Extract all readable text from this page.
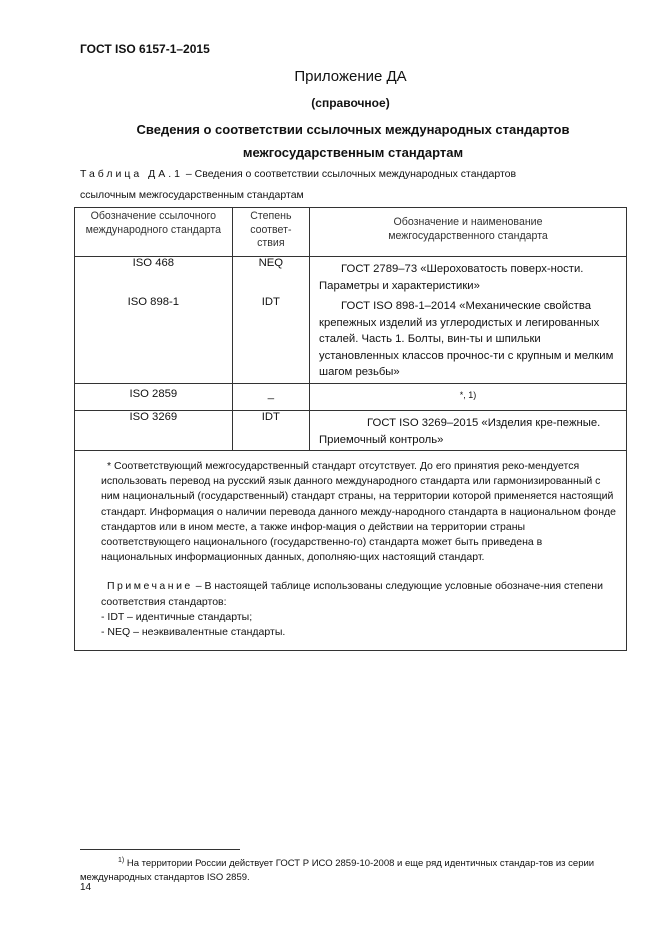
ГОСТ ISO 6157-1–2015
Приложение ДА
(справочное)
Сведения о соответствии ссылочных международных стандартов
межгосударственным стандартам
Таблица ДА.1 – Сведения о соответствии ссылочных международных стандартов
ссылочным межгосударственным стандартам
Обозначение ссылочного международного стандарта	Степень соответ-ствия	Обозначение и наименование межгосударственного стандарта
ISO 468	NEQ	ГОСТ 2789–73 «Шероховатость поверх-ности. Параметры и характеристики»
ISO 898-1	IDT	ГОСТ ISO 898-1–2014 «Механические свойства крепежных изделий из углеродистых и легированных сталей. Часть 1. Болты, вин-ты и шпильки установленных классов прочнос-ти с крупным и мелким шагом резьбы»
ISO 2859	_	*, 1)
ISO 3269	IDT	ГОСТ ISO 3269–2015 «Изделия кре-пежные. Приемочный контроль»

* Соответствующий межгосударственный стандарт отсутствует. До его принятия реко-мендуется использовать перевод на русский язык данного международного стандарта или гармонизированный с ним национальный (государственный) стандарт страны, на территории которой применяется настоящий стандарт. Информация о наличии перевода данного между-народного стандарта в национальном фонде стандартов или в ином месте, а также инфор-мация о действии на территории страны соответствующего национального (государственно-го) стандарта может быть приведена в национальных информационных данных, дополняю-щих настоящий стандарт.

Примечание – В настоящей таблице использованы следующие условные обозначе-ния степени соответствия стандартов:

- IDT – идентичные стандарты;

- NEQ – неэквивалентные стандарты.		

$^{1)}$ На территории России действует ГОСТ Р ИСО 2859-10-2008 и еще ряд идентичных стандар-тов из серии международных стандартов ISO 2859.
14
